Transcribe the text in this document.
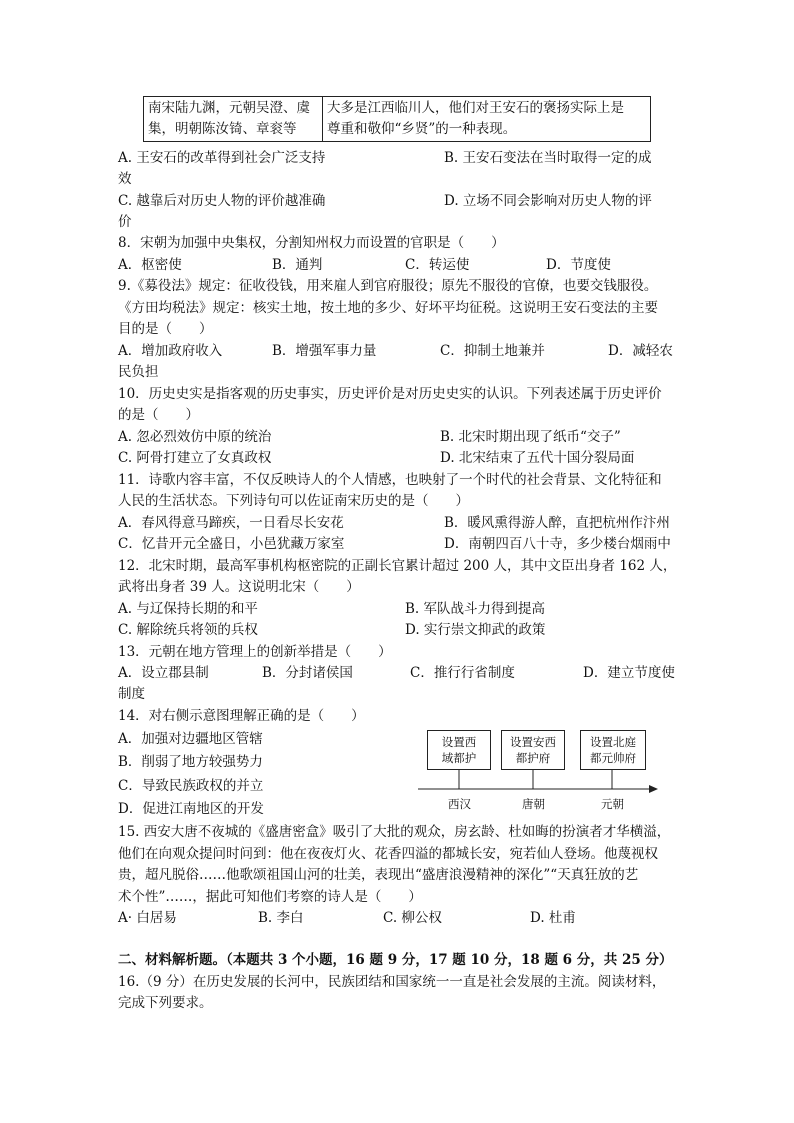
南宋陆九渊，元朝吴澄、虞
集，明朝陈汝锜、章衮等

大多是江西临川人，他们对王安石的褒扬实际上是
尊重和敬仰“乡贤”的一种表现。
A. 王安石的改革得到社会广泛支持	B. 王安石变法在当时取得一定的成
效
C. 越靠后对历史人物的评价越准确	D. 立场不同会影响对历史人物的评
价
8．宋朝为加强中央集权，分割知州权力而设置的官职是（　　）
A．枢密使	B．通判	C．转运使	D．节度使
9.《募役法》规定：征收役钱，用来雇人到官府服役；原先不服役的官僚，也要交钱服役。
《方田均税法》规定：核实土地，按土地的多少、好坏平均征税。这说明王安石变法的主要
目的是（　　）
A．增加政府收入	B．增强军事力量	C．抑制土地兼并	D．减轻农
民负担
10．历史史实是指客观的历史事实，历史评价是对历史史实的认识。下列表述属于历史评价
的是（　　）
A. 忽必烈效仿中原的统治	B. 北宋时期出现了纸币“交子”
C. 阿骨打建立了女真政权	D. 北宋结束了五代十国分裂局面
11．诗歌内容丰富，不仅反映诗人的个人情感，也映射了一个时代的社会背景、文化特征和
人民的生活状态。下列诗句可以佐证南宋历史的是（　　）
A．春风得意马蹄疾，一日看尽长安花	B．暖风熏得游人醉，直把杭州作汴州
C．忆昔开元全盛日，小邑犹藏万家室	D．南朝四百八十寺，多少楼台烟雨中
12．北宋时期，最高军事机构枢密院的正副长官累计超过 200 人，其中文臣出身者 162 人，
武将出身者 39 人。这说明北宋（　　）
A. 与辽保持长期的和平	B. 军队战斗力得到提高
C. 解除统兵将领的兵权	D. 实行崇文抑武的政策
13．元朝在地方管理上的创新举措是（　　）
A．设立郡县制	B．分封诸侯国	C．推行行省制度	D．建立节度使
制度
14．对右侧示意图理解正确的是（　　）
A．加强对边疆地区管辖
B．削弱了地方较强势力
C．导致民族政权的并立
D．促进江南地区的开发
设置西
域都护
设置安西
都护府
设置北庭
都元帅府
西汉	唐朝	元朝
15. 西安大唐不夜城的《盛唐密盒》吸引了大批的观众，房玄龄、杜如晦的扮演者才华横溢，
他们在向观众提问时问到：他在夜夜灯火、花香四溢的都城长安，宛若仙人登场。他蔑视权
贵，超凡脱俗……他歌颂祖国山河的壮美，表现出“盛唐浪漫精神的深化”“天真狂放的艺
术个性”……，据此可知他们考察的诗人是（　　）
A· 白居易	B. 李白	C. 柳公权	D. 杜甫
二、材料解析题。（本题共 3 个小题，16 题 9 分，17 题 10 分，18 题 6 分，共 25 分）
16.（9 分）在历史发展的长河中，民族团结和国家统一一直是社会发展的主流。阅读材料，
完成下列要求。
